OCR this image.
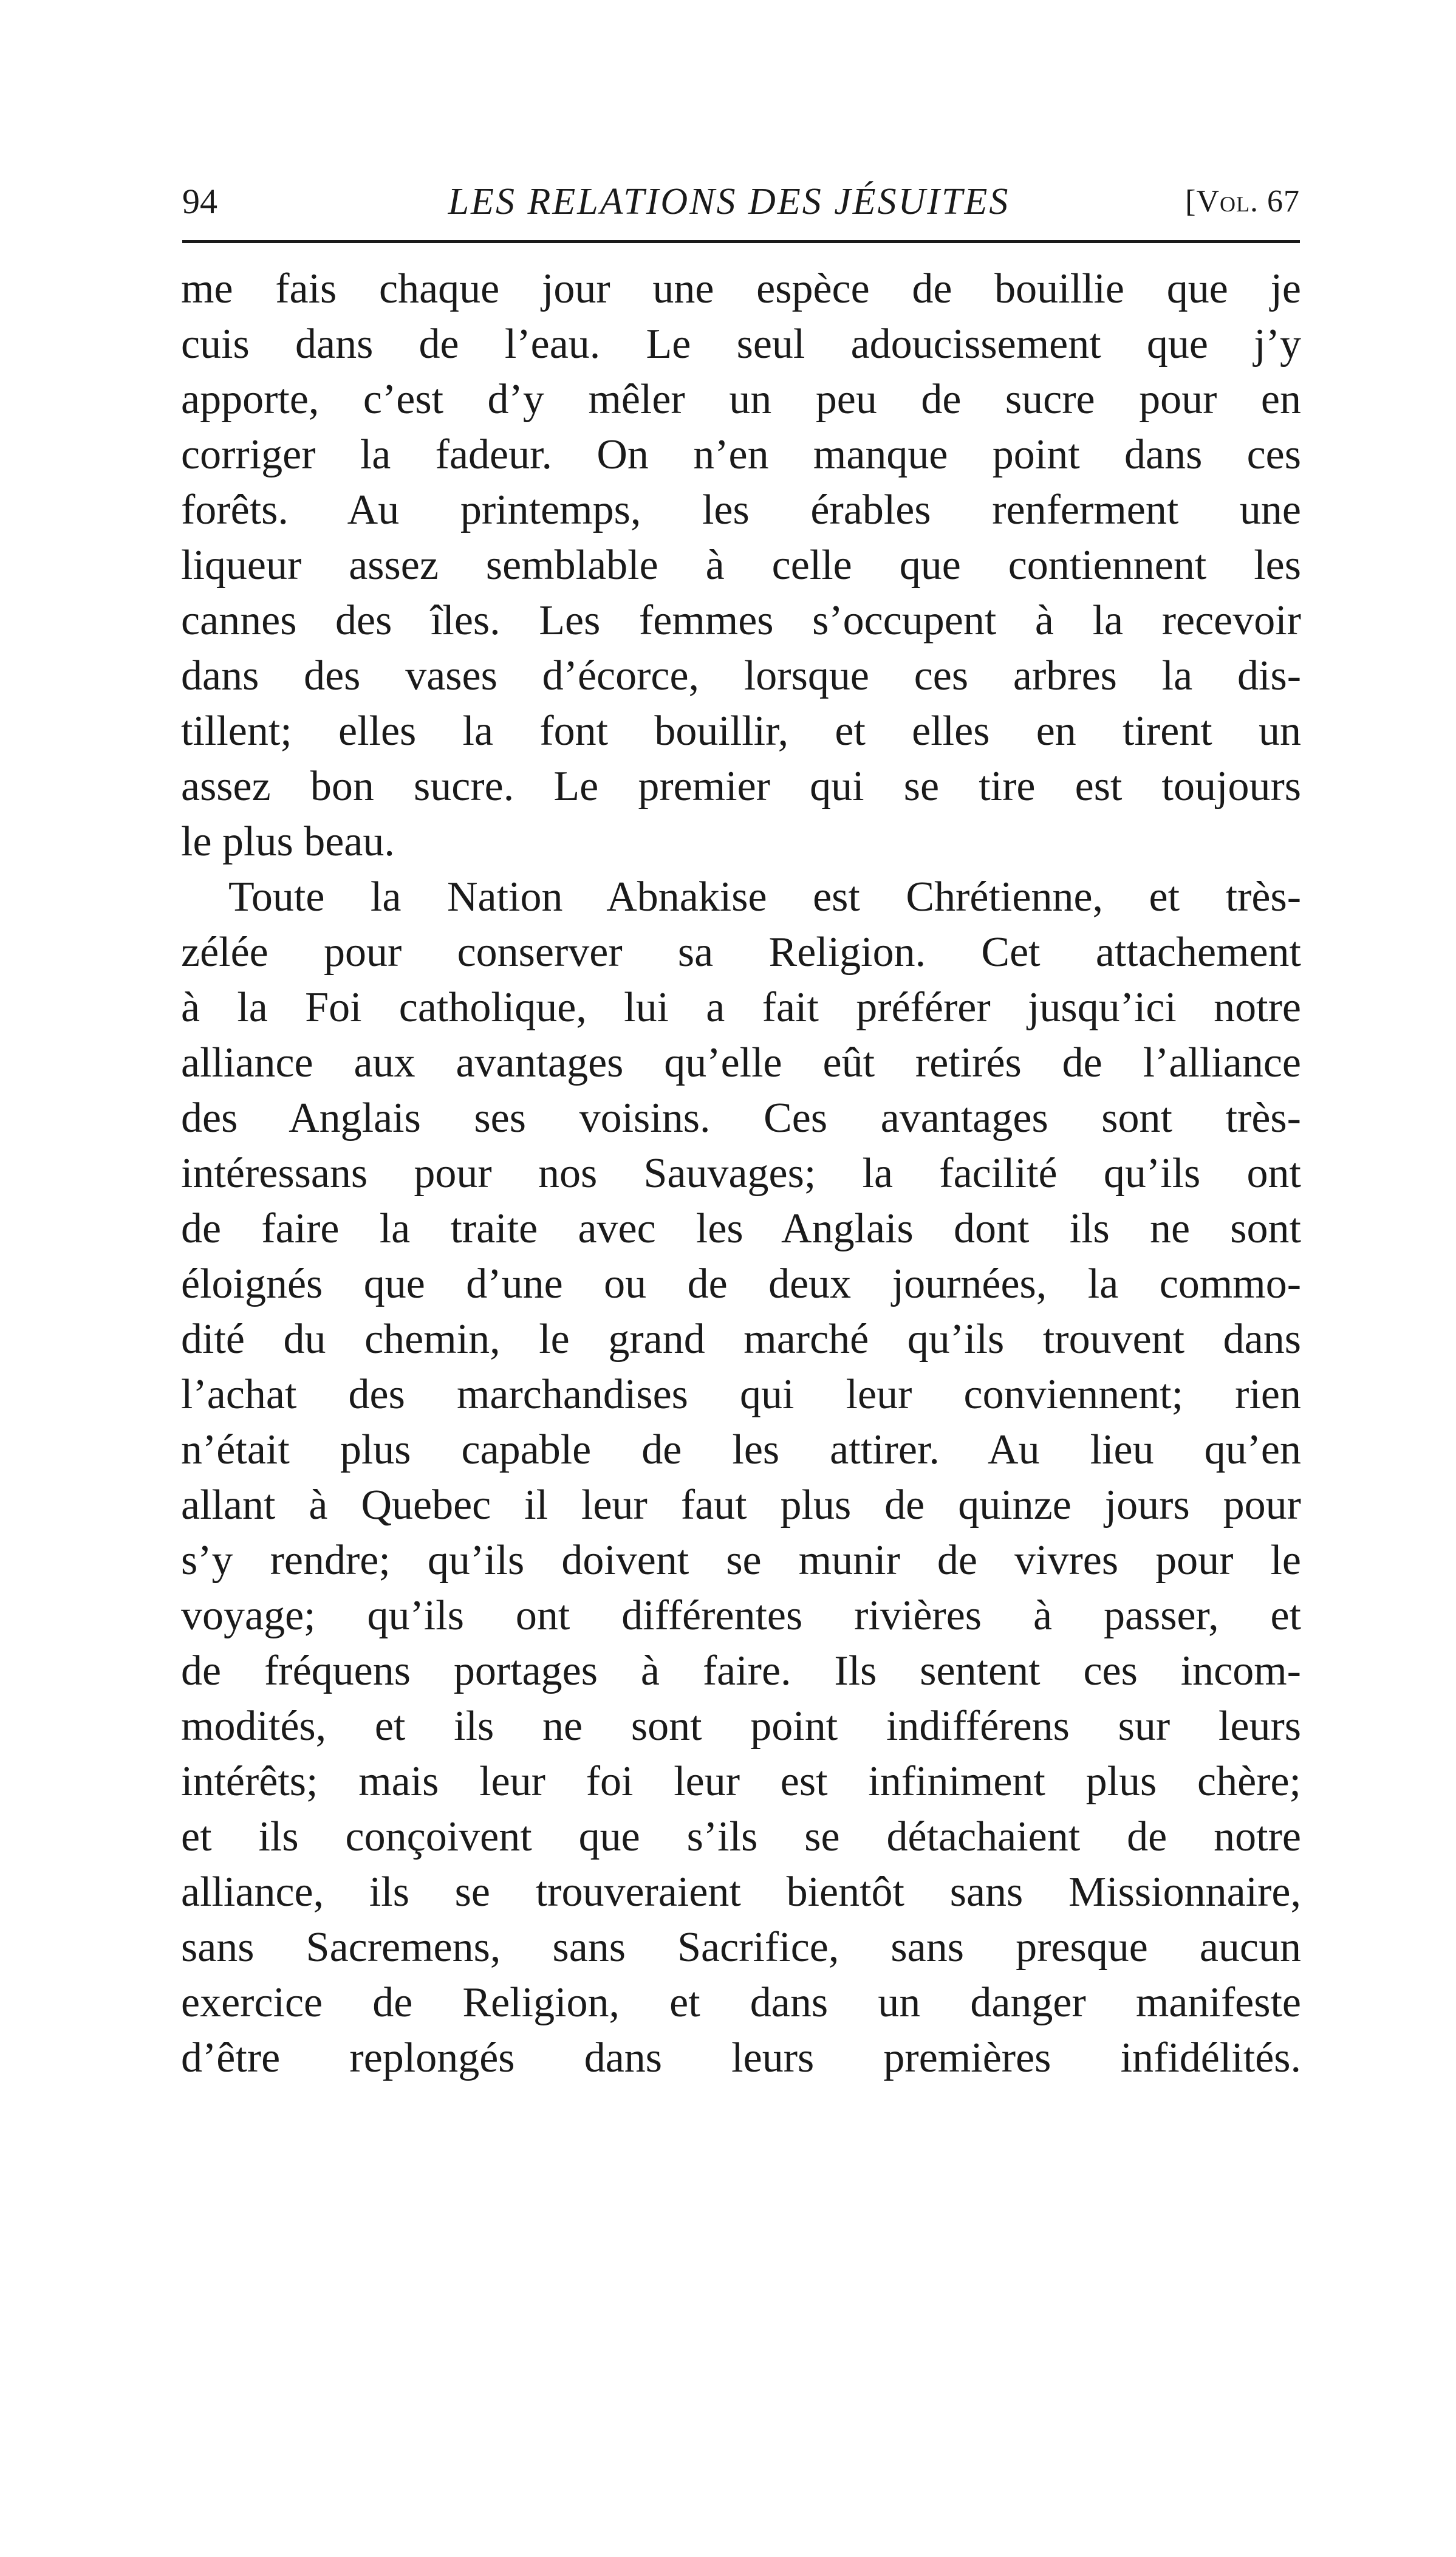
94	LES RELATIONS DES JÉSUITES	[Vol. 67
me fais chaque jour une espèce de bouillie que je
cuis dans de l’eau. Le seul adoucissement que j’y
apporte, c’est d’y mêler un peu de sucre pour en
corriger la fadeur. On n’en manque point dans ces
forêts. Au printemps, les érables renferment une
liqueur assez semblable à celle que contiennent les
cannes des îles. Les femmes s’occupent à la recevoir
dans des vases d’écorce, lorsque ces arbres la dis-
tillent; elles la font bouillir, et elles en tirent un
assez bon sucre. Le premier qui se tire est toujours
le plus beau.
Toute la Nation Abnakise est Chrétienne, et très-
zélée pour conserver sa Religion. Cet attachement
à la Foi catholique, lui a fait préférer jusqu’ici notre
alliance aux avantages qu’elle eût retirés de l’alliance
des Anglais ses voisins. Ces avantages sont très-
intéressans pour nos Sauvages; la facilité qu’ils ont
de faire la traite avec les Anglais dont ils ne sont
éloignés que d’une ou de deux journées, la commo-
dité du chemin, le grand marché qu’ils trouvent dans
l’achat des marchandises qui leur conviennent; rien
n’était plus capable de les attirer. Au lieu qu’en
allant à Quebec il leur faut plus de quinze jours pour
s’y rendre; qu’ils doivent se munir de vivres pour le
voyage; qu’ils ont différentes rivières à passer, et
de fréquens portages à faire. Ils sentent ces incom-
modités, et ils ne sont point indifférens sur leurs
intérêts; mais leur foi leur est infiniment plus chère;
et ils conçoivent que s’ils se détachaient de notre
alliance, ils se trouveraient bientôt sans Missionnaire,
sans Sacremens, sans Sacrifice, sans presque aucun
exercice de Religion, et dans un danger manifeste
d’être replongés dans leurs premières infidélités.
